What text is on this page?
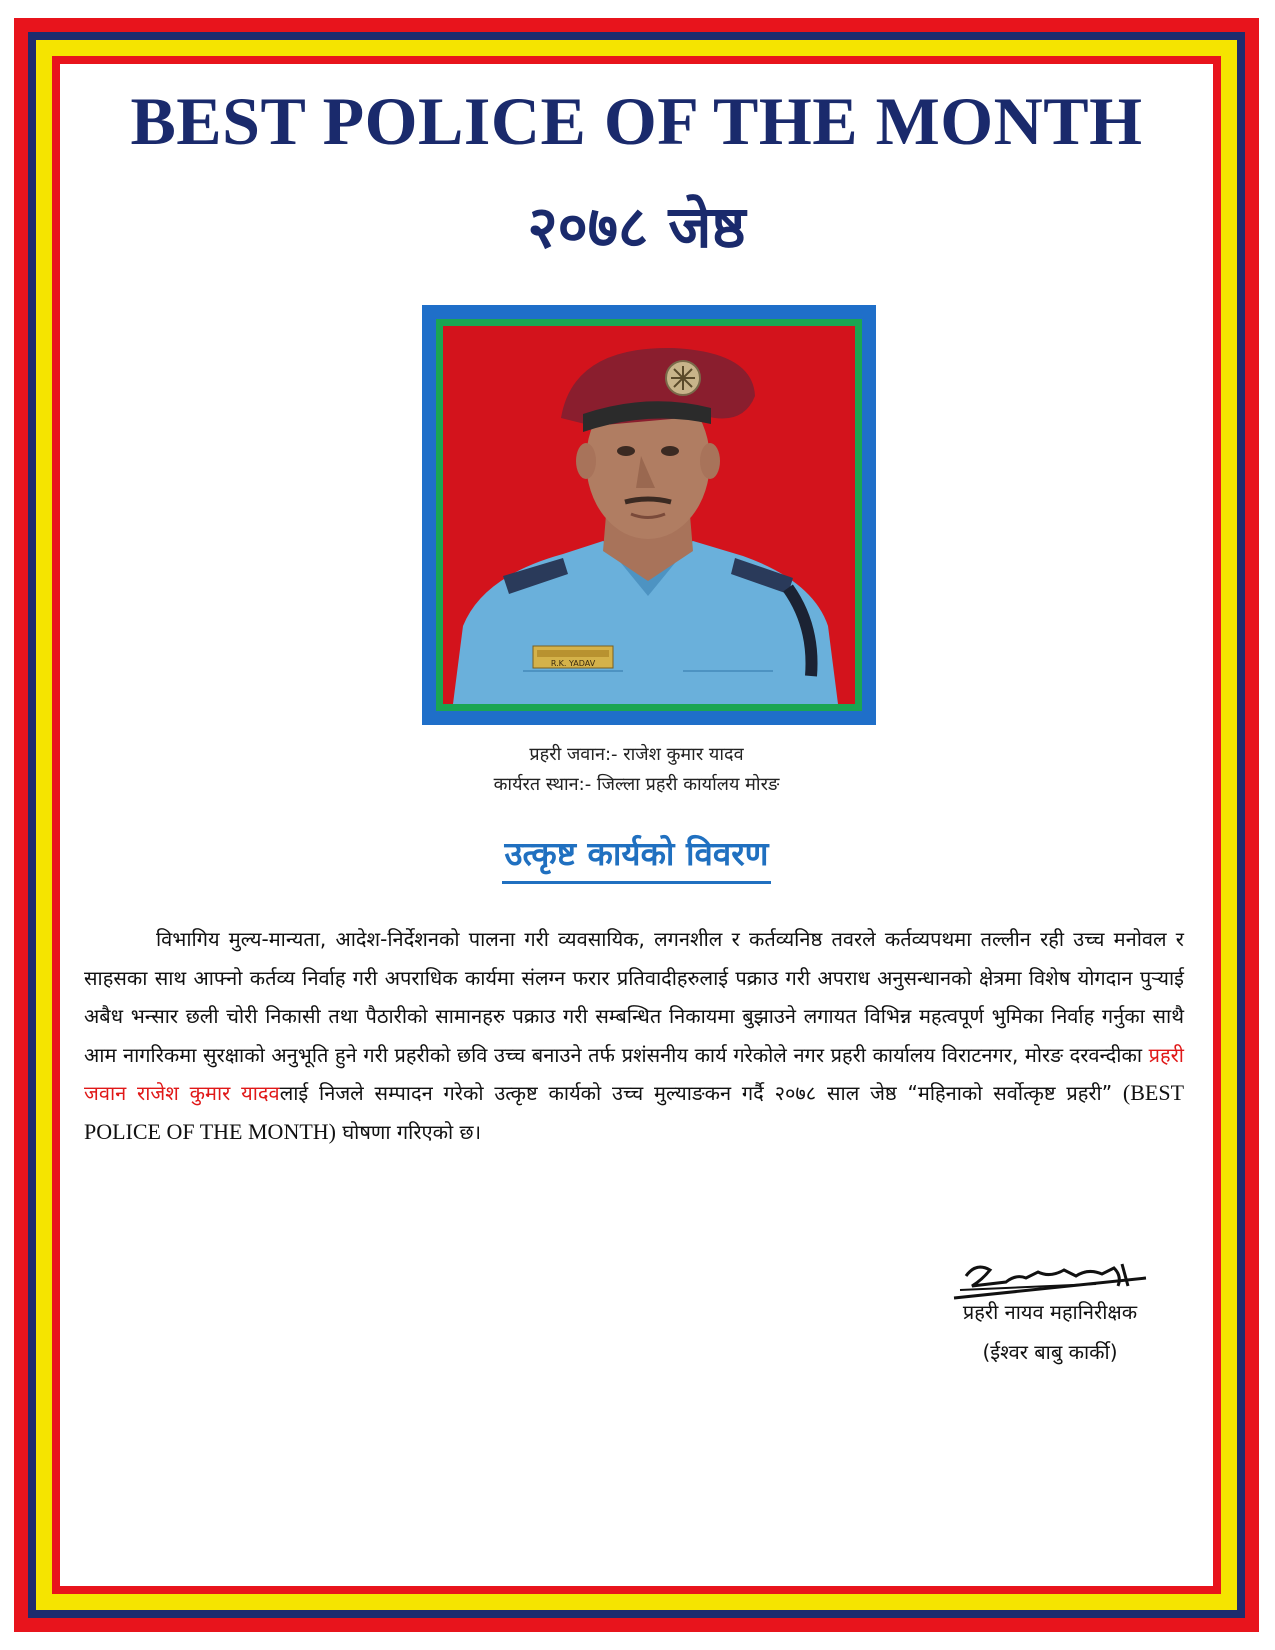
BEST POLICE OF THE MONTH
२०७८ जेष्ठ
R.K. YADAV

प्रहरी जवान:- राजेश कुमार यादव

कार्यरत स्थान:- जिल्ला प्रहरी कार्यालय मोरङ

उत्कृष्ट कार्यको विवरण

विभागिय मुल्य-मान्यता, आदेश-निर्देशनको पालना गरी व्यवसायिक, लगनशील र कर्तव्यनिष्ठ तवरले कर्तव्यपथमा तल्लीन रही उच्च मनोवल र साहसका साथ आफ्नो कर्तव्य निर्वाह गरी अपराधिक कार्यमा संलग्न फरार प्रतिवादीहरुलाई पक्राउ गरी अपराध अनुसन्धानको क्षेत्रमा विशेष योगदान पुऱ्याई अबैध भन्सार छली चोरी निकासी तथा पैठारीको सामानहरु पक्राउ गरी सम्बन्धित निकायमा बुझाउने लगायत विभिन्न महत्वपूर्ण भुमिका निर्वाह गर्नुका साथै आम नागरिकमा सुरक्षाको अनुभूति हुने गरी प्रहरीको छवि उच्च बनाउने तर्फ प्रशंसनीय कार्य गरेकोले नगर प्रहरी कार्यालय विराटनगर, मोरङ दरवन्दीका प्रहरी जवान राजेश कुमार यादवलाई निजले सम्पादन गरेको उत्कृष्ट कार्यको उच्च मुल्याङकन गर्दै २०७८ साल जेष्ठ “महिनाको सर्वोत्कृष्ट प्रहरी” (BEST POLICE OF THE MONTH) घोषणा गरिएको छ।

प्रहरी नायव महानिरीक्षक

(ईश्वर बाबु कार्की)
